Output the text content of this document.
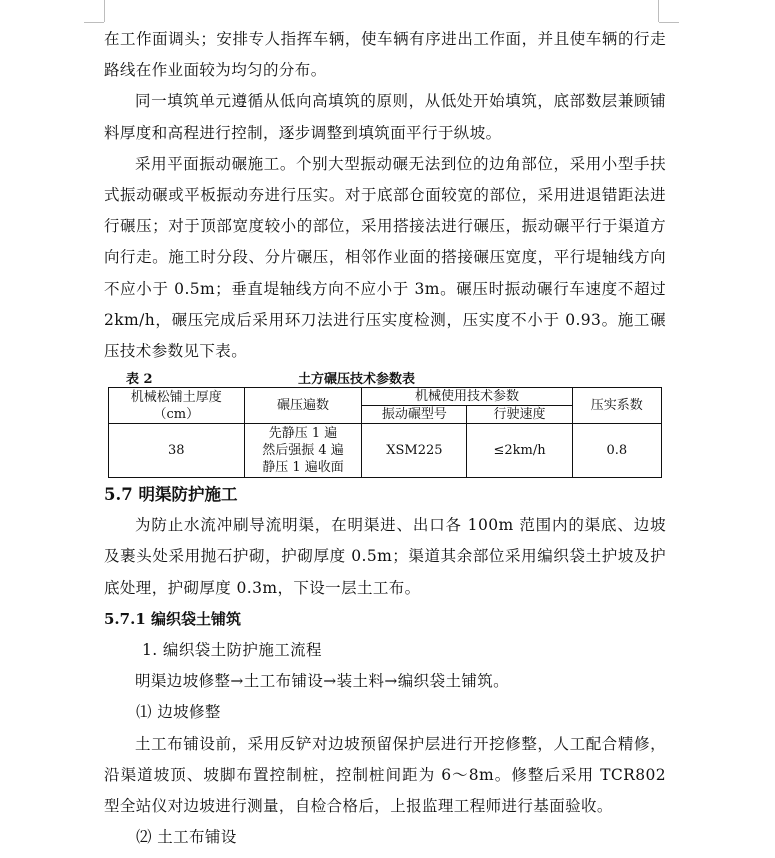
在工作面调头；安排专人指挥车辆，使车辆有序进出工作面，并且使车辆的行走路线在作业面较为均匀的分布。

同一填筑单元遵循从低向高填筑的原则，从低处开始填筑，底部数层兼顾铺料厚度和高程进行控制，逐步调整到填筑面平行于纵坡。

采用平面振动碾施工。个别大型振动碾无法到位的边角部位，采用小型手扶式振动碾或平板振动夯进行压实。对于底部仓面较宽的部位，采用进退错距法进行碾压；对于顶部宽度较小的部位，采用搭接法进行碾压，振动碾平行于渠道方向行走。施工时分段、分片碾压，相邻作业面的搭接碾压宽度，平行堤轴线方向不应小于 0.5m；垂直堤轴线方向不应小于 3m。碾压时振动碾行车速度不超过 2km/h，碾压完成后采用环刀法进行压实度检测，压实度不小于 0.93。施工碾压技术参数见下表。

表 2	土方碾压技术参数表
机械松铺土厚度
（cm）	碾压遍数	机械使用技术参数		压实系数
		振动碾型号	行驶速度	
38	先静压 1 遍
然后强振 4 遍
静压 1 遍收面	XSM225	≤2km/h	0.8
5.7 明渠防护施工

为防止水流冲刷导流明渠，在明渠进、出口各 100m 范围内的渠底、边坡及裹头处采用抛石护砌，护砌厚度 0.5m；渠道其余部位采用编织袋土护坡及护底处理，护砌厚度 0.3m，下设一层土工布。

5.7.1 编织袋土铺筑

1. 编织袋土防护施工流程

明渠边坡修整→土工布铺设→装土料→编织袋土铺筑。

⑴ 边坡修整

土工布铺设前，采用反铲对边坡预留保护层进行开挖修整，人工配合精修，沿渠道坡顶、坡脚布置控制桩，控制桩间距为 6～8m。修整后采用 TCR802 型全站仪对边坡进行测量，自检合格后，上报监理工程师进行基面验收。

⑵ 土工布铺设
